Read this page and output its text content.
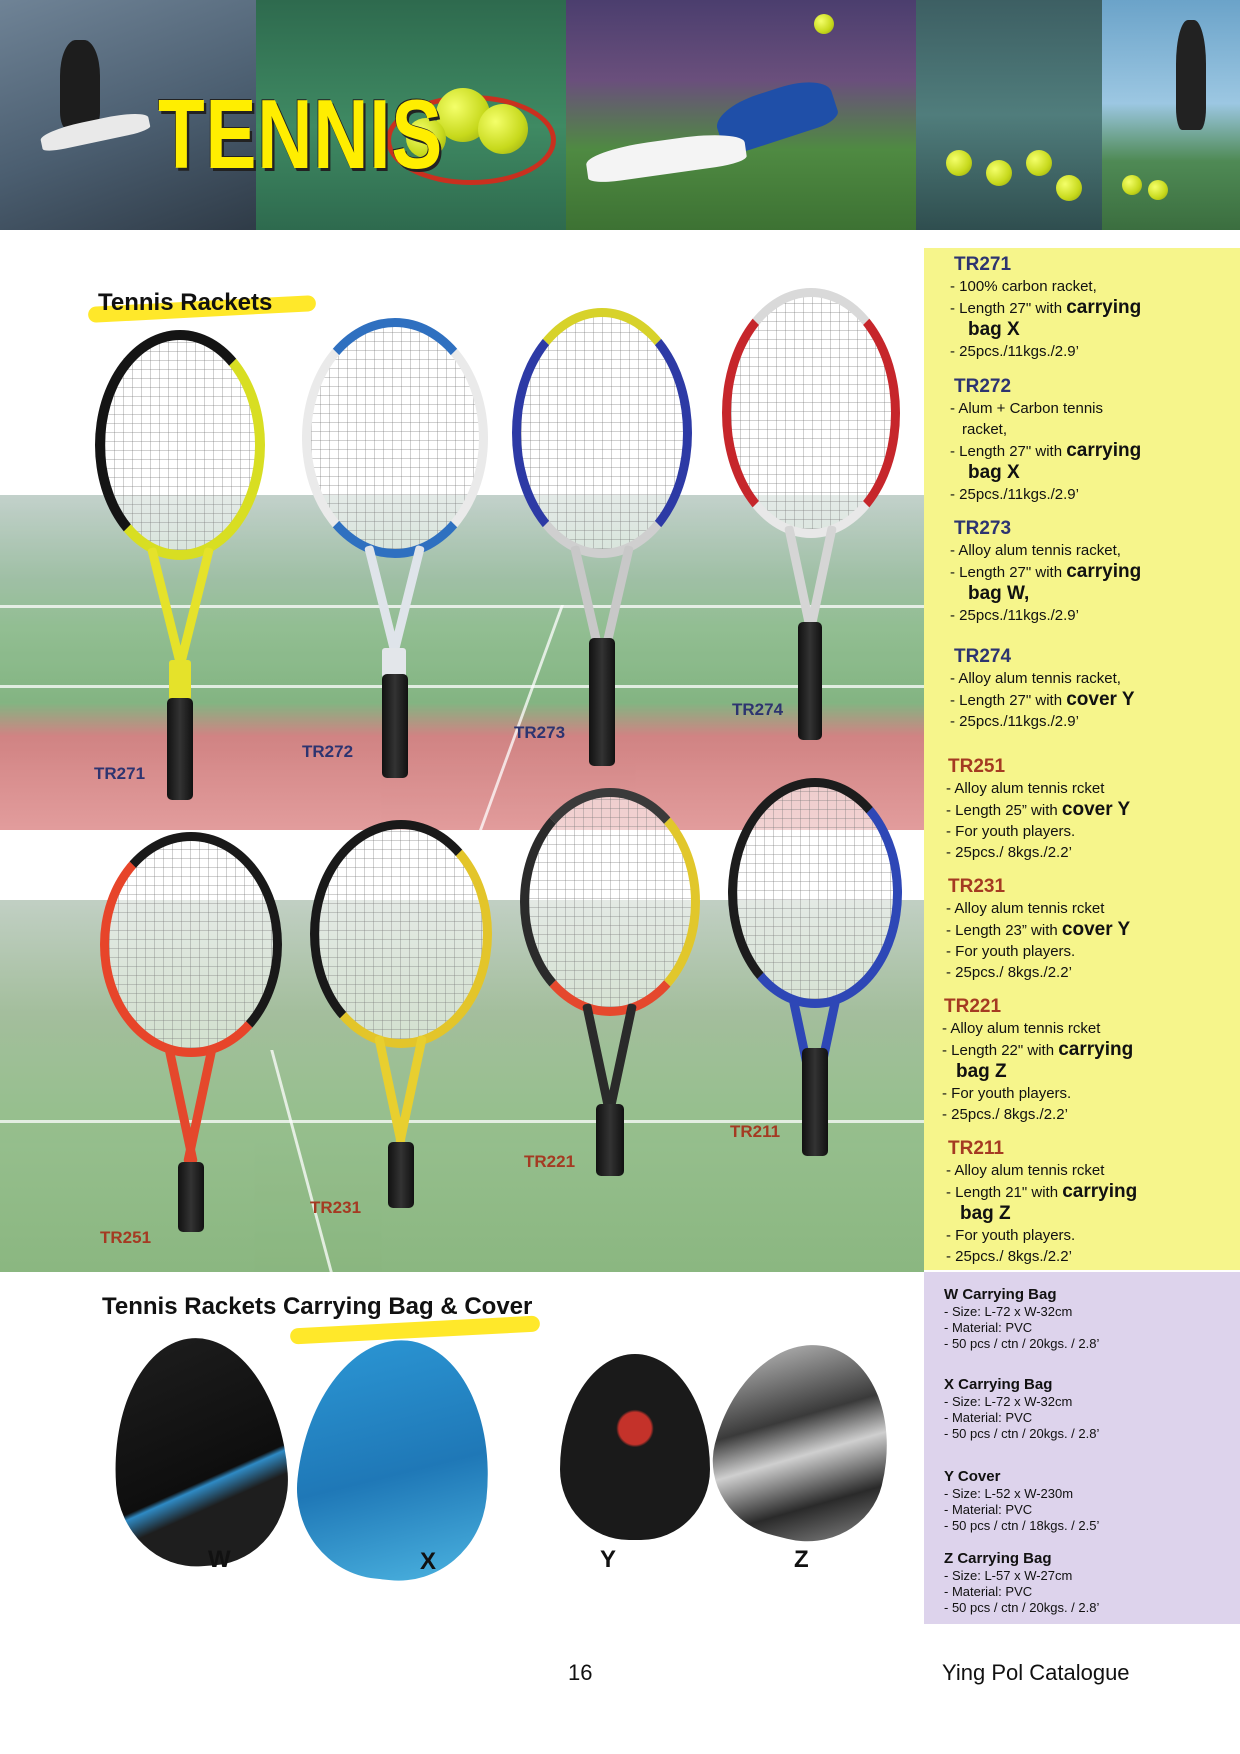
TENNIS
Tennis Rackets
TR271
TR272
TR273
TR274
TR251
TR231
TR221
TR211
Tennis Rackets Carrying Bag & Cover
W	X	Y	Z
TR271
- 100% carbon racket,
- Length 27" with carrying
bag X
- 25pcs./11kgs./2.9’
TR272
- Alum + Carbon tennis
racket,
- Length 27" with carrying
bag X
- 25pcs./11kgs./2.9’
TR273
- Alloy alum tennis racket,
- Length 27" with carrying
bag W,
- 25pcs./11kgs./2.9’
TR274
- Alloy alum tennis racket,
- Length 27" with cover Y
- 25pcs./11kgs./2.9’
TR251
- Alloy alum tennis rcket
- Length 25” with cover Y
- For youth players.
- 25pcs./ 8kgs./2.2’
TR231
- Alloy alum tennis rcket
- Length 23” with cover Y
- For youth players.
- 25pcs./ 8kgs./2.2’
TR221
- Alloy alum tennis rcket
- Length 22" with carrying
bag Z
- For youth players.
- 25pcs./ 8kgs./2.2’
TR211
- Alloy alum tennis rcket
- Length 21" with carrying
bag Z
- For youth players.
- 25pcs./ 8kgs./2.2’
W Carrying Bag
- Size: L-72 x W-32cm
- Material: PVC
- 50 pcs / ctn / 20kgs. / 2.8’
X Carrying Bag
- Size: L-72 x W-32cm
- Material: PVC
- 50 pcs / ctn / 20kgs. / 2.8’
Y Cover
- Size: L-52 x W-230m
- Material: PVC
- 50 pcs / ctn / 18kgs. / 2.5’
Z Carrying Bag
- Size: L-57 x W-27cm
- Material: PVC
- 50 pcs / ctn / 20kgs. / 2.8’
16	Ying Pol Catalogue
